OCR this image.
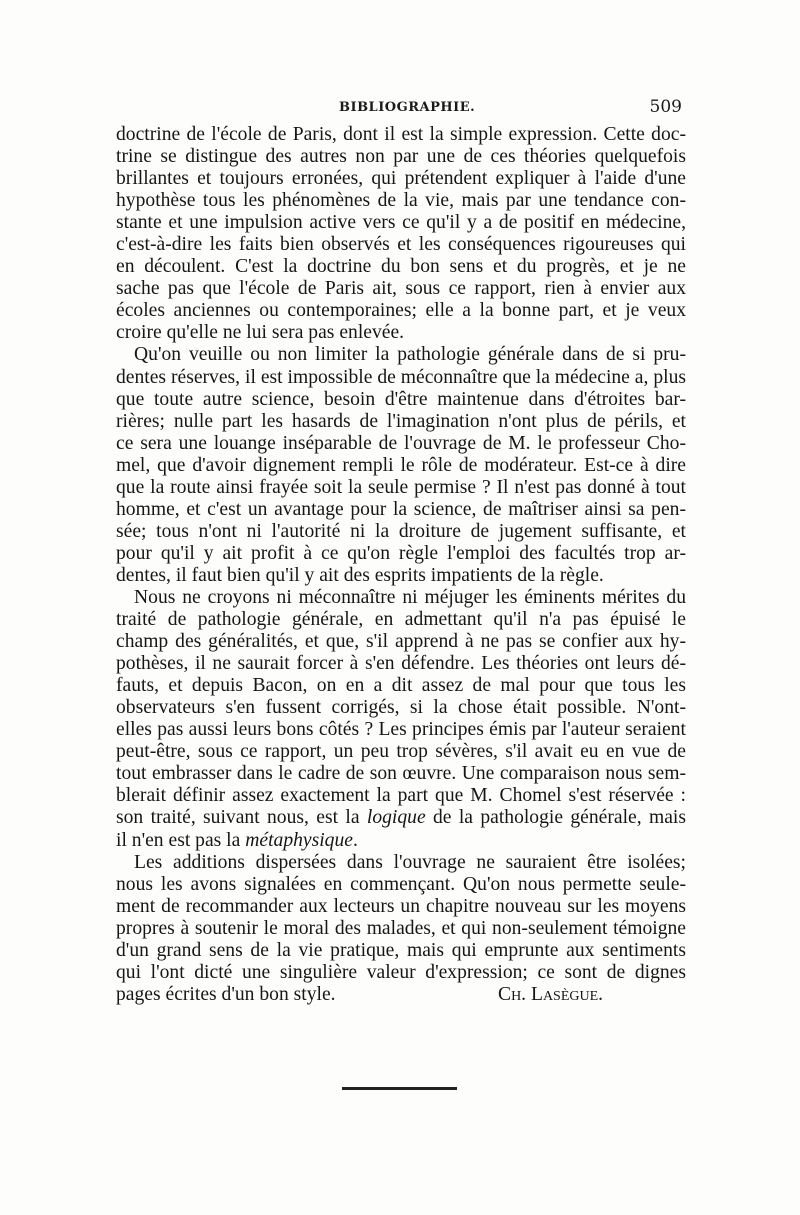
BIBLIOGRAPHIE.	509
doctrine de l'école de Paris, dont il est la simple expression. Cette doc-
trine se distingue des autres non par une de ces théories quelquefois
brillantes et toujours erronées, qui prétendent expliquer à l'aide d'une
hypothèse tous les phénomènes de la vie, mais par une tendance con-
stante et une impulsion active vers ce qu'il y a de positif en médecine,
c'est-à-dire les faits bien observés et les conséquences rigoureuses qui
en découlent. C'est la doctrine du bon sens et du progrès, et je ne
sache pas que l'école de Paris ait, sous ce rapport, rien à envier aux
écoles anciennes ou contemporaines; elle a la bonne part, et je veux
croire qu'elle ne lui sera pas enlevée.
Qu'on veuille ou non limiter la pathologie générale dans de si pru-
dentes réserves, il est impossible de méconnaître que la médecine a, plus
que toute autre science, besoin d'être maintenue dans d'étroites bar-
rières; nulle part les hasards de l'imagination n'ont plus de périls, et
ce sera une louange inséparable de l'ouvrage de M. le professeur Cho-
mel, que d'avoir dignement rempli le rôle de modérateur. Est-ce à dire
que la route ainsi frayée soit la seule permise ? Il n'est pas donné à tout
homme, et c'est un avantage pour la science, de maîtriser ainsi sa pen-
sée; tous n'ont ni l'autorité ni la droiture de jugement suffisante, et
pour qu'il y ait profit à ce qu'on règle l'emploi des facultés trop ar-
dentes, il faut bien qu'il y ait des esprits impatients de la règle.
Nous ne croyons ni méconnaître ni méjuger les éminents mérites du
traité de pathologie générale, en admettant qu'il n'a pas épuisé le
champ des généralités, et que, s'il apprend à ne pas se confier aux hy-
pothèses, il ne saurait forcer à s'en défendre. Les théories ont leurs dé-
fauts, et depuis Bacon, on en a dit assez de mal pour que tous les
observateurs s'en fussent corrigés, si la chose était possible. N'ont-
elles pas aussi leurs bons côtés ? Les principes émis par l'auteur seraient
peut-être, sous ce rapport, un peu trop sévères, s'il avait eu en vue de
tout embrasser dans le cadre de son œuvre. Une comparaison nous sem-
blerait définir assez exactement la part que M. Chomel s'est réservée :
son traité, suivant nous, est la logique de la pathologie générale, mais
il n'en est pas la métaphysique.
Les additions dispersées dans l'ouvrage ne sauraient être isolées;
nous les avons signalées en commençant. Qu'on nous permette seule-
ment de recommander aux lecteurs un chapitre nouveau sur les moyens
propres à soutenir le moral des malades, et qui non-seulement témoigne
d'un grand sens de la vie pratique, mais qui emprunte aux sentiments
qui l'ont dicté une singulière valeur d'expression; ce sont de dignes
pages écrites d'un bon style.	Ch. Lasègue.
